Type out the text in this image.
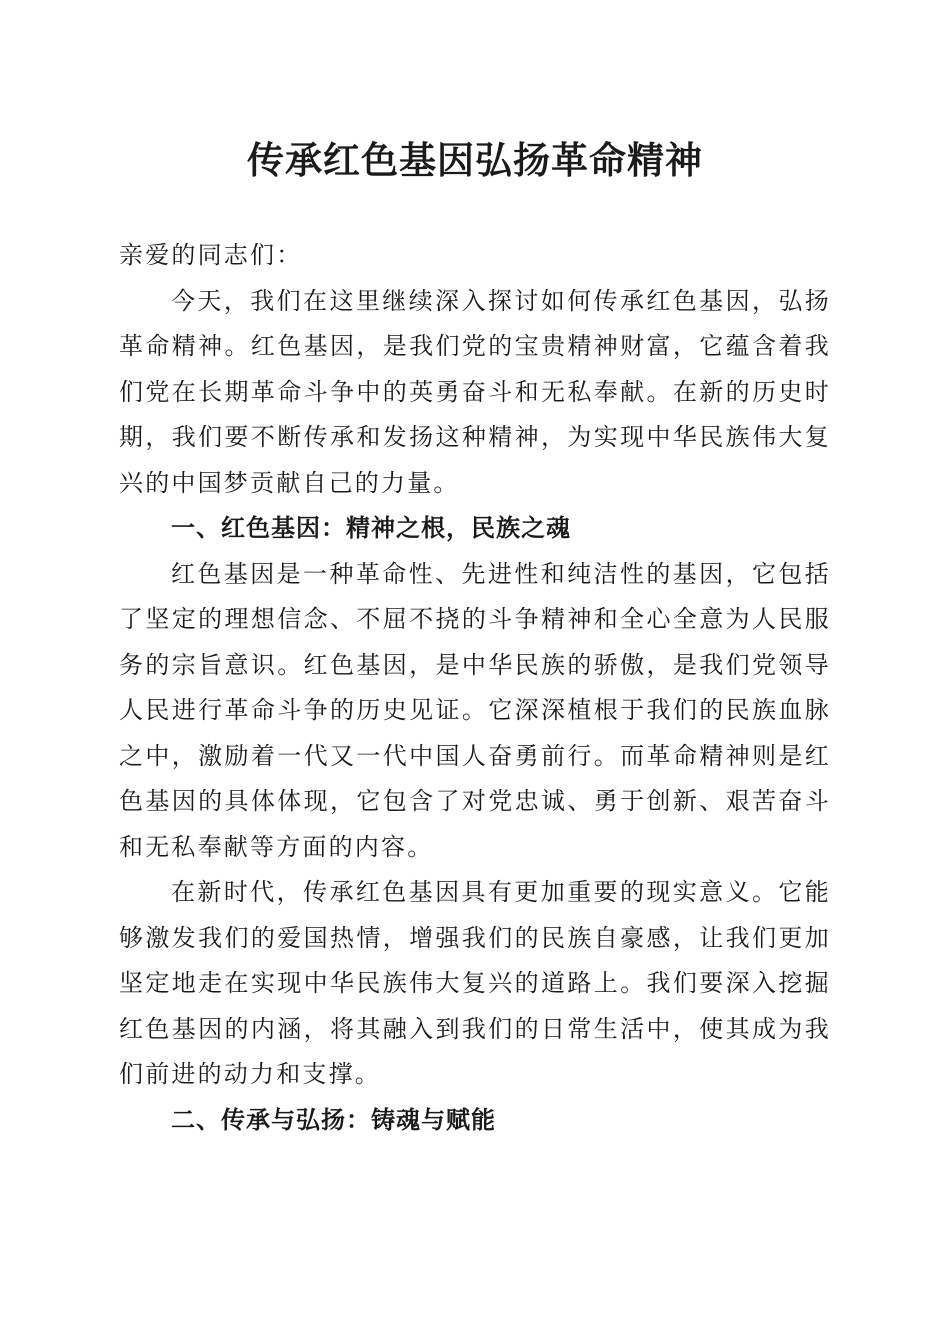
传承红色基因弘扬革命精神

亲爱的同志们：

今天，我们在这里继续深入探讨如何传承红色基因，弘扬革命精神。红色基因，是我们党的宝贵精神财富，它蕴含着我们党在长期革命斗争中的英勇奋斗和无私奉献。在新的历史时期，我们要不断传承和发扬这种精神，为实现中华民族伟大复兴的中国梦贡献自己的力量。

一、红色基因：精神之根，民族之魂

红色基因是一种革命性、先进性和纯洁性的基因，它包括了坚定的理想信念、不屈不挠的斗争精神和全心全意为人民服务的宗旨意识。红色基因，是中华民族的骄傲，是我们党领导人民进行革命斗争的历史见证。它深深植根于我们的民族血脉之中，激励着一代又一代中国人奋勇前行。而革命精神则是红色基因的具体体现，它包含了对党忠诚、勇于创新、艰苦奋斗和无私奉献等方面的内容。

在新时代，传承红色基因具有更加重要的现实意义。它能够激发我们的爱国热情，增强我们的民族自豪感，让我们更加坚定地走在实现中华民族伟大复兴的道路上。我们要深入挖掘红色基因的内涵，将其融入到我们的日常生活中，使其成为我们前进的动力和支撑。

二、传承与弘扬：铸魂与赋能
